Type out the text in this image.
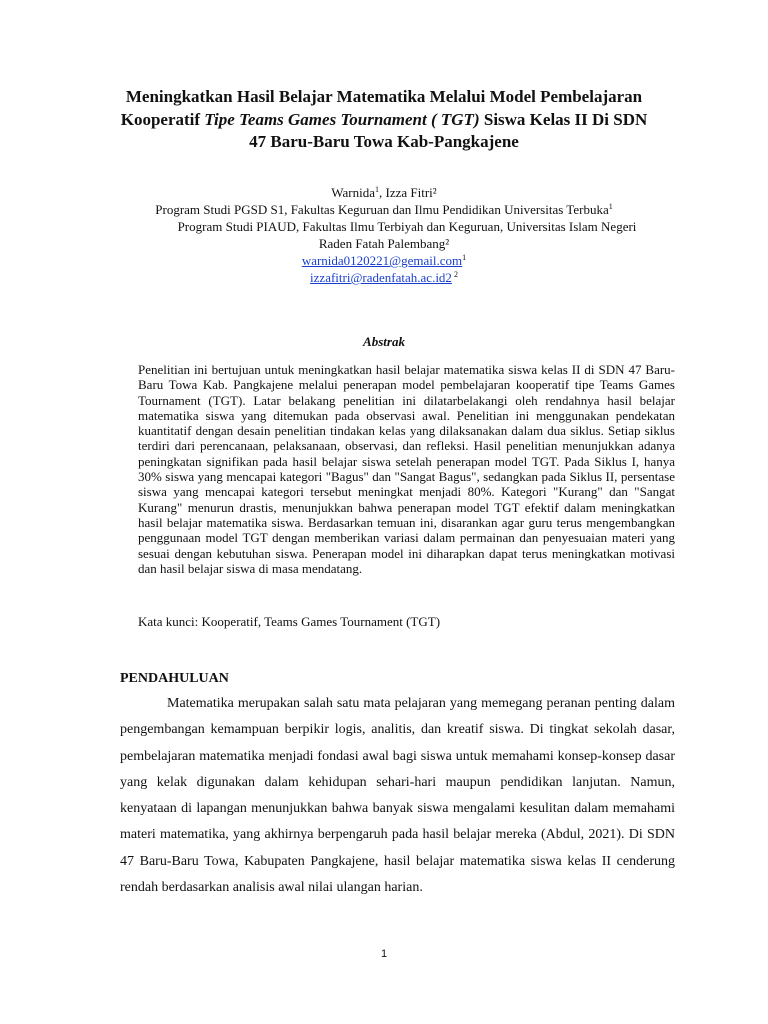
Meningkatkan Hasil Belajar Matematika Melalui Model Pembelajaran
Kooperatif Tipe Teams Games Tournament ( TGT) Siswa Kelas II Di SDN
47 Baru-Baru Towa Kab-Pangkajene
Warnida$^1$, Izza Fitri²
Program Studi PGSD S1, Fakultas Keguruan dan Ilmu Pendidikan Universitas Terbuka$^1$
Program Studi PIAUD, Fakultas Ilmu Terbiyah dan Keguruan, Universitas Islam Negeri
Raden Fatah Palembang²
warnida0120221@gemail.com$^1$
izzafitri@radenfatah.ac.id2 $^2$
Abstrak

Penelitian ini bertujuan untuk meningkatkan hasil belajar matematika siswa kelas II di SDN 47 Baru-Baru Towa Kab. Pangkajene melalui penerapan model pembelajaran kooperatif tipe Teams Games Tournament (TGT). Latar belakang penelitian ini dilatarbelakangi oleh rendahnya hasil belajar matematika siswa yang ditemukan pada observasi awal. Penelitian ini menggunakan pendekatan kuantitatif dengan desain penelitian tindakan kelas yang dilaksanakan dalam dua siklus. Setiap siklus terdiri dari perencanaan, pelaksanaan, observasi, dan refleksi. Hasil penelitian menunjukkan adanya peningkatan signifikan pada hasil belajar siswa setelah penerapan model TGT. Pada Siklus I, hanya 30% siswa yang mencapai kategori "Bagus" dan "Sangat Bagus", sedangkan pada Siklus II, persentase siswa yang mencapai kategori tersebut meningkat menjadi 80%. Kategori "Kurang" dan "Sangat Kurang" menurun drastis, menunjukkan bahwa penerapan model TGT efektif dalam meningkatkan hasil belajar matematika siswa. Berdasarkan temuan ini, disarankan agar guru terus mengembangkan penggunaan model TGT dengan memberikan variasi dalam permainan dan penyesuaian materi yang sesuai dengan kebutuhan siswa. Penerapan model ini diharapkan dapat terus meningkatkan motivasi dan hasil belajar siswa di masa mendatang.

Kata kunci: Kooperatif, Teams Games Tournament (TGT)

PENDAHULUAN

Matematika merupakan salah satu mata pelajaran yang memegang peranan penting dalam pengembangan kemampuan berpikir logis, analitis, dan kreatif siswa. Di tingkat sekolah dasar, pembelajaran matematika menjadi fondasi awal bagi siswa untuk memahami konsep-konsep dasar yang kelak digunakan dalam kehidupan sehari-hari maupun pendidikan lanjutan. Namun, kenyataan di lapangan menunjukkan bahwa banyak siswa mengalami kesulitan dalam memahami materi matematika, yang akhirnya berpengaruh pada hasil belajar mereka (Abdul, 2021). Di SDN 47 Baru-Baru Towa, Kabupaten Pangkajene, hasil belajar matematika siswa kelas II cenderung rendah berdasarkan analisis awal nilai ulangan harian.

1
